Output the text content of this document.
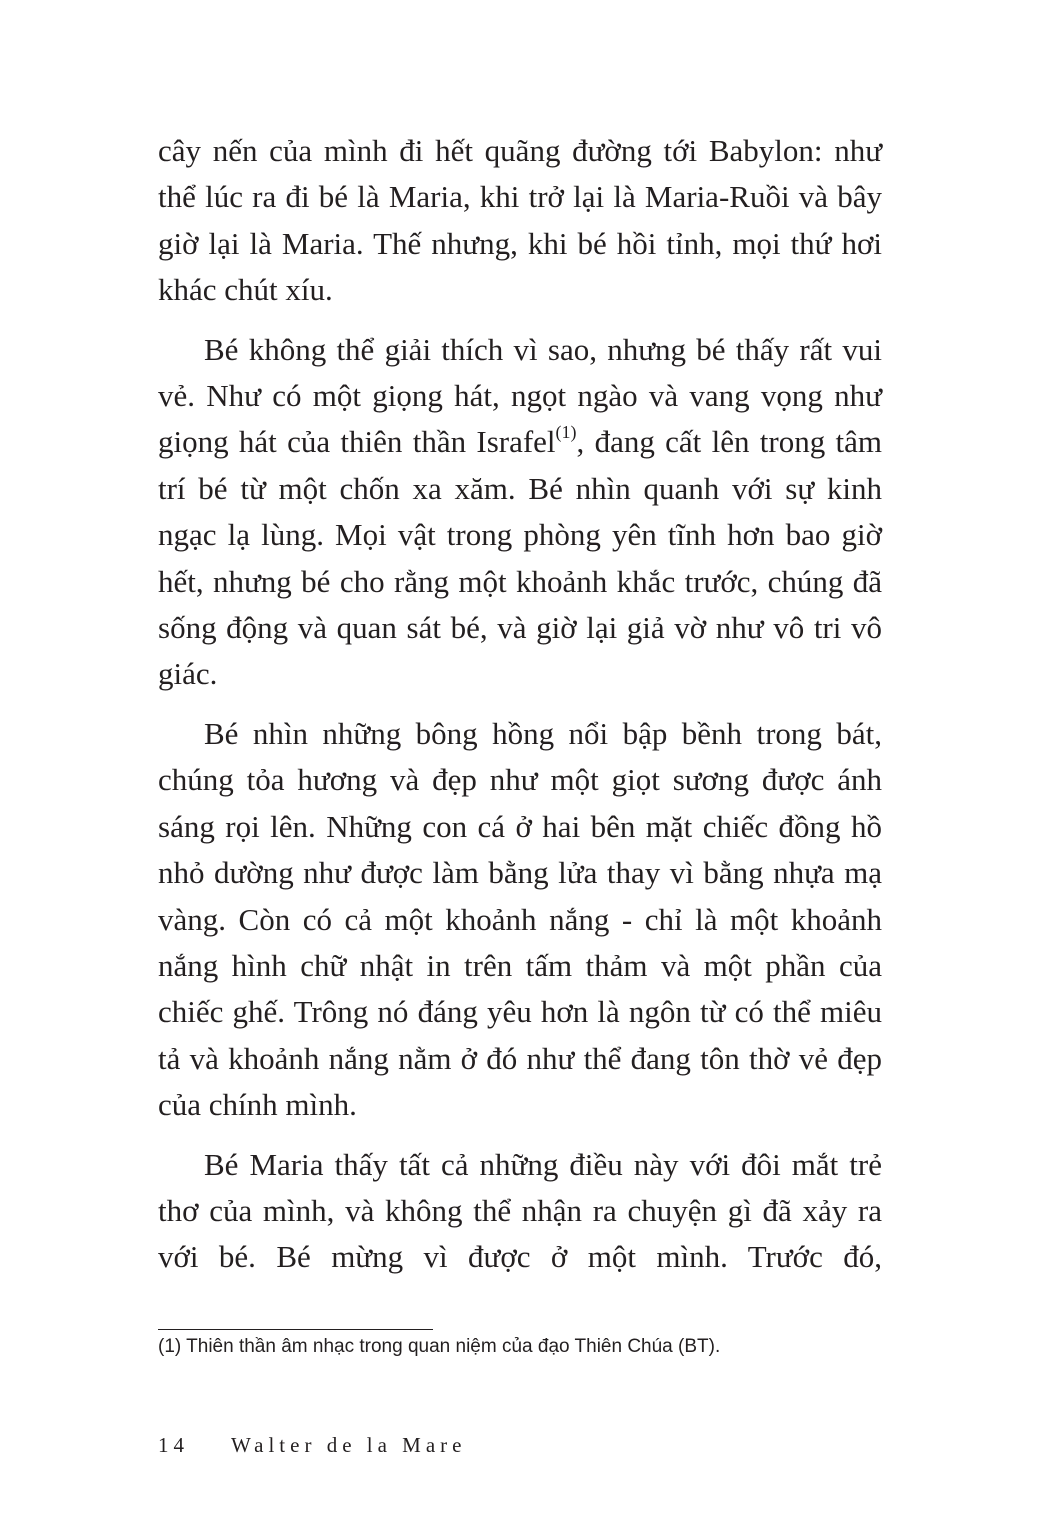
cây nến của mình đi hết quãng đường tới Babylon: như thể lúc ra đi bé là Maria, khi trở lại là Maria-Ruồi và bây giờ lại là Maria. Thế nhưng, khi bé hồi tỉnh, mọi thứ hơi khác chút xíu.

Bé không thể giải thích vì sao, nhưng bé thấy rất vui vẻ. Như có một giọng hát, ngọt ngào và vang vọng như giọng hát của thiên thần Israfel$^{(1)}$, đang cất lên trong tâm trí bé từ một chốn xa xăm. Bé nhìn quanh với sự kinh ngạc lạ lùng. Mọi vật trong phòng yên tĩnh hơn bao giờ hết, nhưng bé cho rằng một khoảnh khắc trước, chúng đã sống động và quan sát bé, và giờ lại giả vờ như vô tri vô giác.

Bé nhìn những bông hồng nổi bập bềnh trong bát, chúng tỏa hương và đẹp như một giọt sương được ánh sáng rọi lên. Những con cá ở hai bên mặt chiếc đồng hồ nhỏ dường như được làm bằng lửa thay vì bằng nhựa mạ vàng. Còn có cả một khoảnh nắng - chỉ là một khoảnh nắng hình chữ nhật in trên tấm thảm và một phần của chiếc ghế. Trông nó đáng yêu hơn là ngôn từ có thể miêu tả và khoảnh nắng nằm ở đó như thể đang tôn thờ vẻ đẹp của chính mình.

Bé Maria thấy tất cả những điều này với đôi mắt trẻ thơ của mình, và không thể nhận ra chuyện gì đã xảy ra với bé. Bé mừng vì được ở một mình. Trước đó,

(1) Thiên thần âm nhạc trong quan niệm của đạo Thiên Chúa (BT).
14 Walter de la Mare
